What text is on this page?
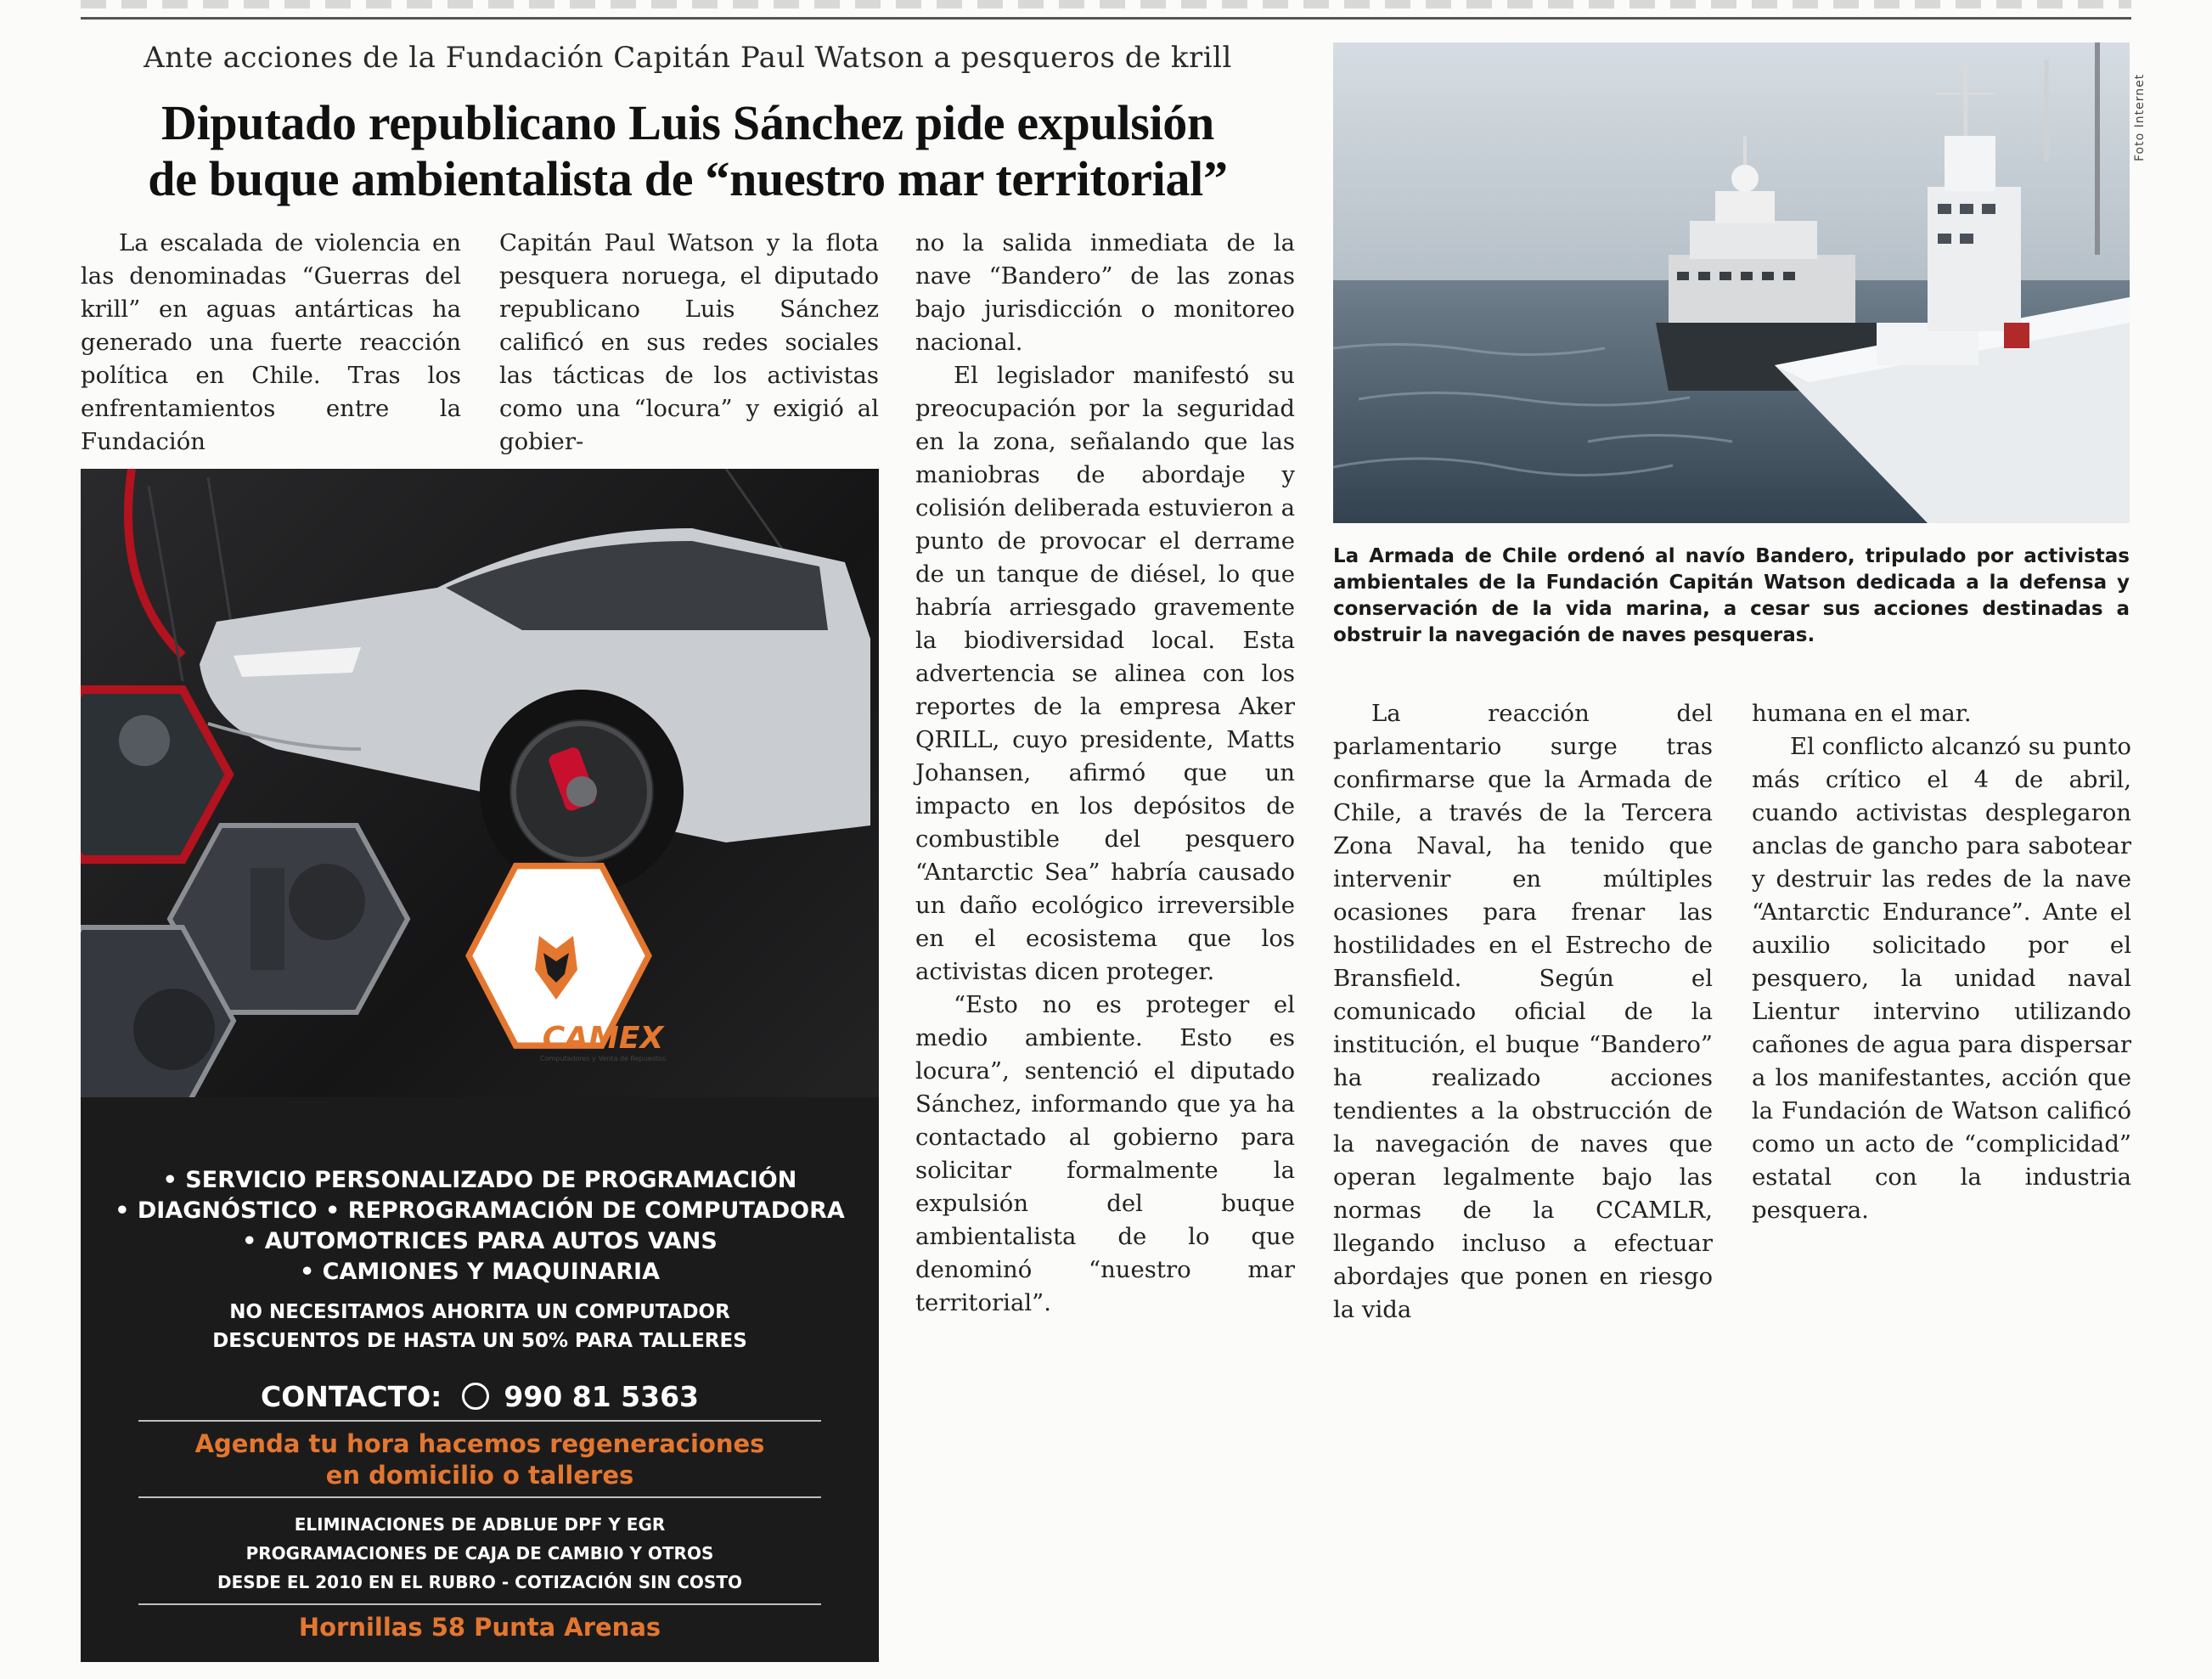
Ante acciones de la Fundación Capitán Paul Watson a pesqueros de krill
Diputado republicano Luis Sánchez pide expulsión
de buque ambientalista de “nuestro mar territorial”

La escalada de violencia en las denominadas “Guerras del krill” en aguas antárticas ha generado una fuerte reacción política en Chile. Tras los enfrentamientos entre la Fundación

Capitán Paul Watson y la flota pesquera noruega, el diputado republicano Luis Sánchez calificó en sus redes sociales las tácticas de los activistas como una “locura” y exigió al gobier-

no la salida inmediata de la nave “Bandero” de las zonas bajo jurisdicción o monitoreo nacional.

El legislador manifestó su preocupación por la seguridad en la zona, señalando que las maniobras de abordaje y colisión deliberada estuvieron a punto de provocar el derrame de un tanque de diésel, lo que habría arriesgado gravemente la biodiversidad local. Esta advertencia se alinea con los reportes de la empresa Aker QRILL, cuyo presidente, Matts Johansen, afirmó que un impacto en los depósitos de combustible del pesquero “Antarctic Sea” habría causado un daño ecológico irreversible en el ecosistema que los activistas dicen proteger.

“Esto no es proteger el medio ambiente. Esto es locura”, sentenció el diputado Sánchez, informando que ya ha contactado al gobierno para solicitar formalmente la expulsión del buque ambientalista de lo que denominó “nuestro mar territorial”.

Foto Internet
La Armada de Chile ordenó al navío Bandero, tripulado por activistas ambientales de la Fundación Capitán Watson dedicada a la defensa y conservación de la vida marina, a cesar sus acciones destinadas a obstruir la navegación de naves pesqueras.

La reacción del parlamentario surge tras confirmarse que la Armada de Chile, a través de la Tercera Zona Naval, ha tenido que intervenir en múltiples ocasiones para frenar las hostilidades en el Estrecho de Bransfield. Según el comunicado oficial de la institución, el buque “Bandero” ha realizado acciones tendientes a la obstrucción de la navegación de naves que operan legalmente bajo las normas de la CCAMLR, llegando incluso a efectuar abordajes que ponen en riesgo la vida

humana en el mar.

El conflicto alcanzó su punto más crítico el 4 de abril, cuando activistas desplegaron anclas de gancho para sabotear y destruir las redes de la nave “Antarctic Endurance”. Ante el auxilio solicitado por el pesquero, la unidad naval Lientur intervino utilizando cañones de agua para dispersar a los manifestantes, acción que la Fundación de Watson calificó como un acto de “complicidad” estatal con la industria pesquera.

CAMEX
Computadores y Venta de Repuestos
• SERVICIO PERSONALIZADO DE PROGRAMACIÓN
• DIAGNÓSTICO • REPROGRAMACIÓN DE COMPUTADORA
• AUTOMOTRICES PARA AUTOS VANS
• CAMIONES Y MAQUINARIA
NO NECESITAMOS AHORITA UN COMPUTADOR
DESCUENTOS DE HASTA UN 50% PARA TALLERES
CONTACTO: 990 81 5363
Agenda tu hora hacemos regeneraciones
en domicilio o talleres
ELIMINACIONES DE ADBLUE DPF Y EGR
PROGRAMACIONES DE CAJA DE CAMBIO Y OTROS
DESDE EL 2010 EN EL RUBRO - COTIZACIÓN SIN COSTO
Hornillas 58 Punta Arenas
